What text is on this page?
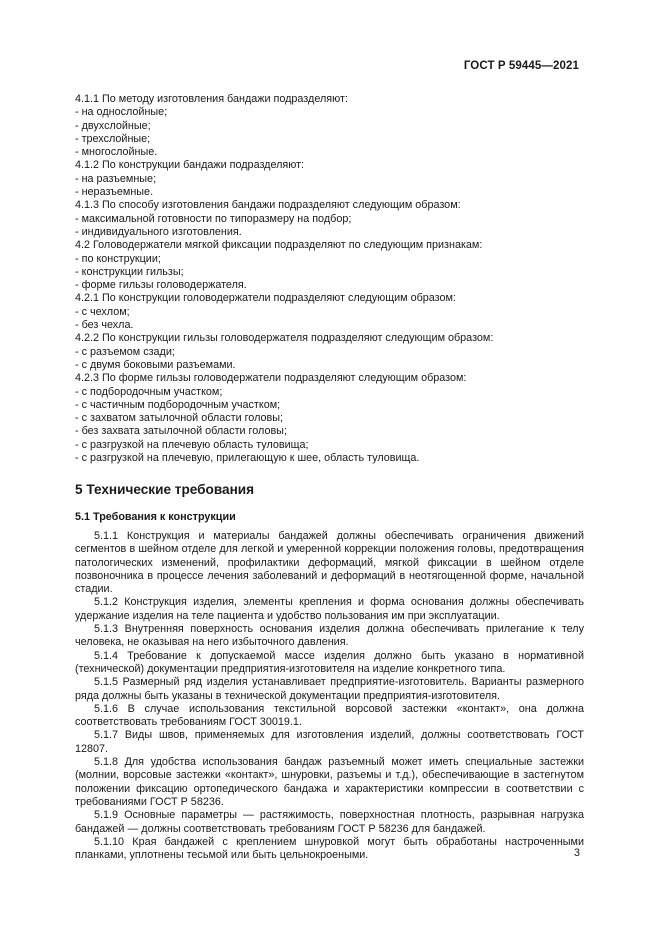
ГОСТ Р 59445—2021
4.1.1 По методу изготовления бандажи подразделяют:
- на однослойные;
- двухслойные;
- трехслойные;
- многослойные.
4.1.2 По конструкции бандажи подразделяют:
- на разъемные;
- неразъемные.
4.1.3 По способу изготовления бандажи подразделяют следующим образом:
- максимальной готовности по типоразмеру на подбор;
- индивидуального изготовления.
4.2 Головодержатели мягкой фиксации подразделяют по следующим признакам:
- по конструкции;
- конструкции гильзы;
- форме гильзы головодержателя.
4.2.1 По конструкции головодержатели подразделяют следующим образом:
- с чехлом;
- без чехла.
4.2.2 По конструкции гильзы головодержателя подразделяют следующим образом:
- с разъемом сзади;
- с двумя боковыми разъемами.
4.2.3 По форме гильзы головодержатели подразделяют следующим образом:
- с подбородочным участком;
- с частичным подбородочным участком;
- с захватом затылочной области головы;
- без захвата затылочной области головы;
- с разгрузкой на плечевую область туловища;
- с разгрузкой на плечевую, прилегающую к шее, область туловища.
5 Технические требования
5.1 Требования к конструкции
5.1.1 Конструкция и материалы бандажей должны обеспечивать ограничения движений сегментов в шейном отделе для легкой и умеренной коррекции положения головы, предотвращения патологических изменений, профилактики деформаций, мягкой фиксации в шейном отделе позвоночника в процессе лечения заболеваний и деформаций в неотягощенной форме, начальной стадии.
5.1.2 Конструкция изделия, элементы крепления и форма основания должны обеспечивать удержание изделия на теле пациента и удобство пользования им при эксплуатации.
5.1.3 Внутренняя поверхность основания изделия должна обеспечивать прилегание к телу человека, не оказывая на него избыточного давления.
5.1.4 Требование к допускаемой массе изделия должно быть указано в нормативной (технической) документации предприятия-изготовителя на изделие конкретного типа.
5.1.5 Размерный ряд изделия устанавливает предприятие-изготовитель. Варианты размерного ряда должны быть указаны в технической документации предприятия-изготовителя.
5.1.6 В случае использования текстильной ворсовой застежки «контакт», она должна соответствовать требованиям ГОСТ 30019.1.
5.1.7 Виды швов, применяемых для изготовления изделий, должны соответствовать ГОСТ 12807.
5.1.8 Для удобства использования бандаж разъемный может иметь специальные застежки (молнии, ворсовые застежки «контакт», шнуровки, разъемы и т.д.), обеспечивающие в застегнутом положении фиксацию ортопедического бандажа и характеристики компрессии в соответствии с требованиями ГОСТ Р 58236.
5.1.9 Основные параметры — растяжимость, поверхностная плотность, разрывная нагрузка бандажей — должны соответствовать требованиям ГОСТ Р 58236 для бандажей.
5.1.10 Края бандажей с креплением шнуровкой могут быть обработаны настроченными планками, уплотнены тесьмой или быть цельнокроеными.	3
